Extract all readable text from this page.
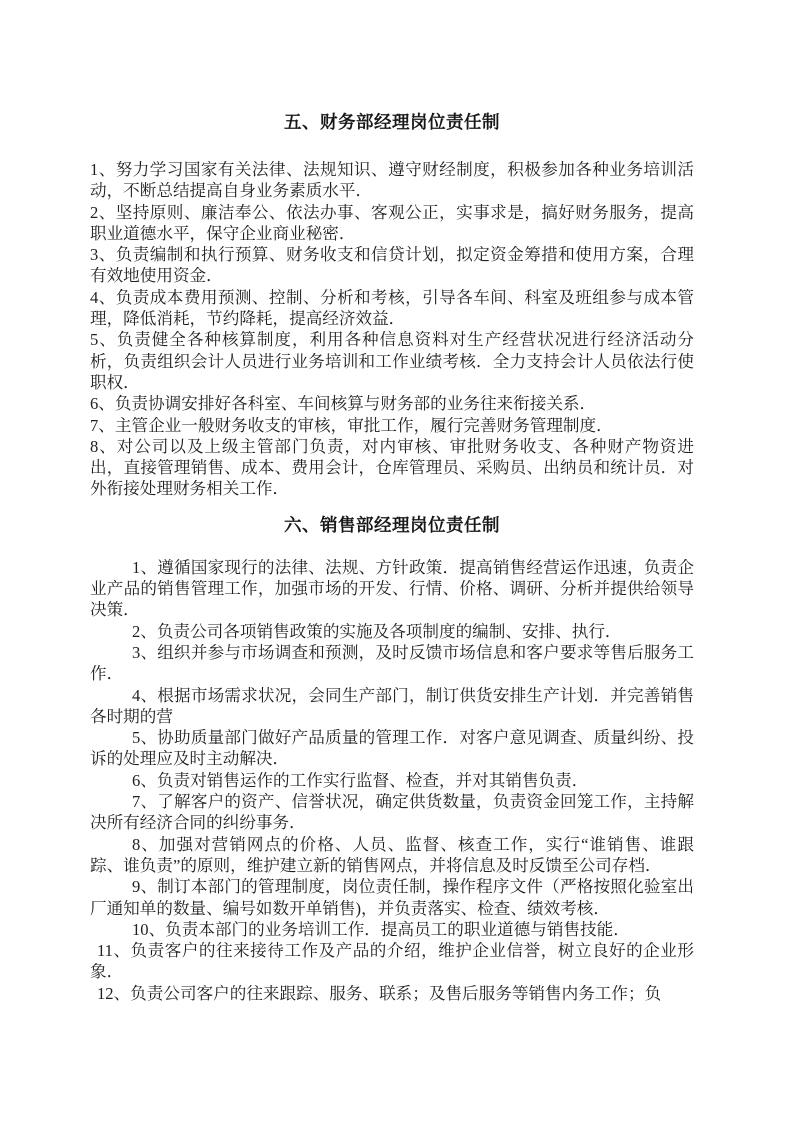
五、财务部经理岗位责任制

1、努力学习国家有关法律、法规知识、遵守财经制度，积极参加各种业务培训活动，不断总结提高自身业务素质水平．

2、坚持原则、廉洁奉公、依法办事、客观公正，实事求是，搞好财务服务，提高职业道德水平，保守企业商业秘密．

3、负责编制和执行预算、财务收支和信贷计划，拟定资金筹措和使用方案，合理有效地使用资金．

4、负责成本费用预测、控制、分析和考核，引导各车间、科室及班组参与成本管理，降低消耗，节约降耗，提高经济效益．

5、负责健全各种核算制度，利用各种信息资料对生产经营状况进行经济活动分析，负责组织会计人员进行业务培训和工作业绩考核．全力支持会计人员依法行使职权．

6、负责协调安排好各科室、车间核算与财务部的业务往来衔接关系．

7、主管企业一般财务收支的审核，审批工作，履行完善财务管理制度．

8、对公司以及上级主管部门负责，对内审核、审批财务收支、各种财产物资进出，直接管理销售、成本、费用会计，仓库管理员、采购员、出纳员和统计员．对外衔接处理财务相关工作．

六、销售部经理岗位责任制

1、遵循国家现行的法律、法规、方针政策．提高销售经营运作迅速，负责企业产品的销售管理工作，加强市场的开发、行情、价格、调研、分析并提供给领导决策．

2、负责公司各项销售政策的实施及各项制度的编制、安排、执行．

3、组织并参与市场调查和预测，及时反馈市场信息和客户要求等售后服务工作．

4、根据市场需求状况，会同生产部门，制订供货安排生产计划．并完善销售各时期的营

5、协助质量部门做好产品质量的管理工作．对客户意见调查、质量纠纷、投诉的处理应及时主动解决．

6、负责对销售运作的工作实行监督、检查，并对其销售负责．

7、了解客户的资产、信誉状况，确定供货数量，负责资金回笼工作，主持解决所有经济合同的纠纷事务．

8、加强对营销网点的价格、人员、监督、核查工作，实行“谁销售、谁跟踪、谁负责”的原则，维护建立新的销售网点，并将信息及时反馈至公司存档．

9、制订本部门的管理制度，岗位责任制，操作程序文件（严格按照化验室出厂通知单的数量、编号如数开单销售)，并负责落实、检查、绩效考核．

10、负责本部门的业务培训工作．提高员工的职业道德与销售技能．

11、负责客户的往来接待工作及产品的介绍，维护企业信誉，树立良好的企业形象．

12、负责公司客户的往来跟踪、服务、联系；及售后服务等销售内务工作；负
